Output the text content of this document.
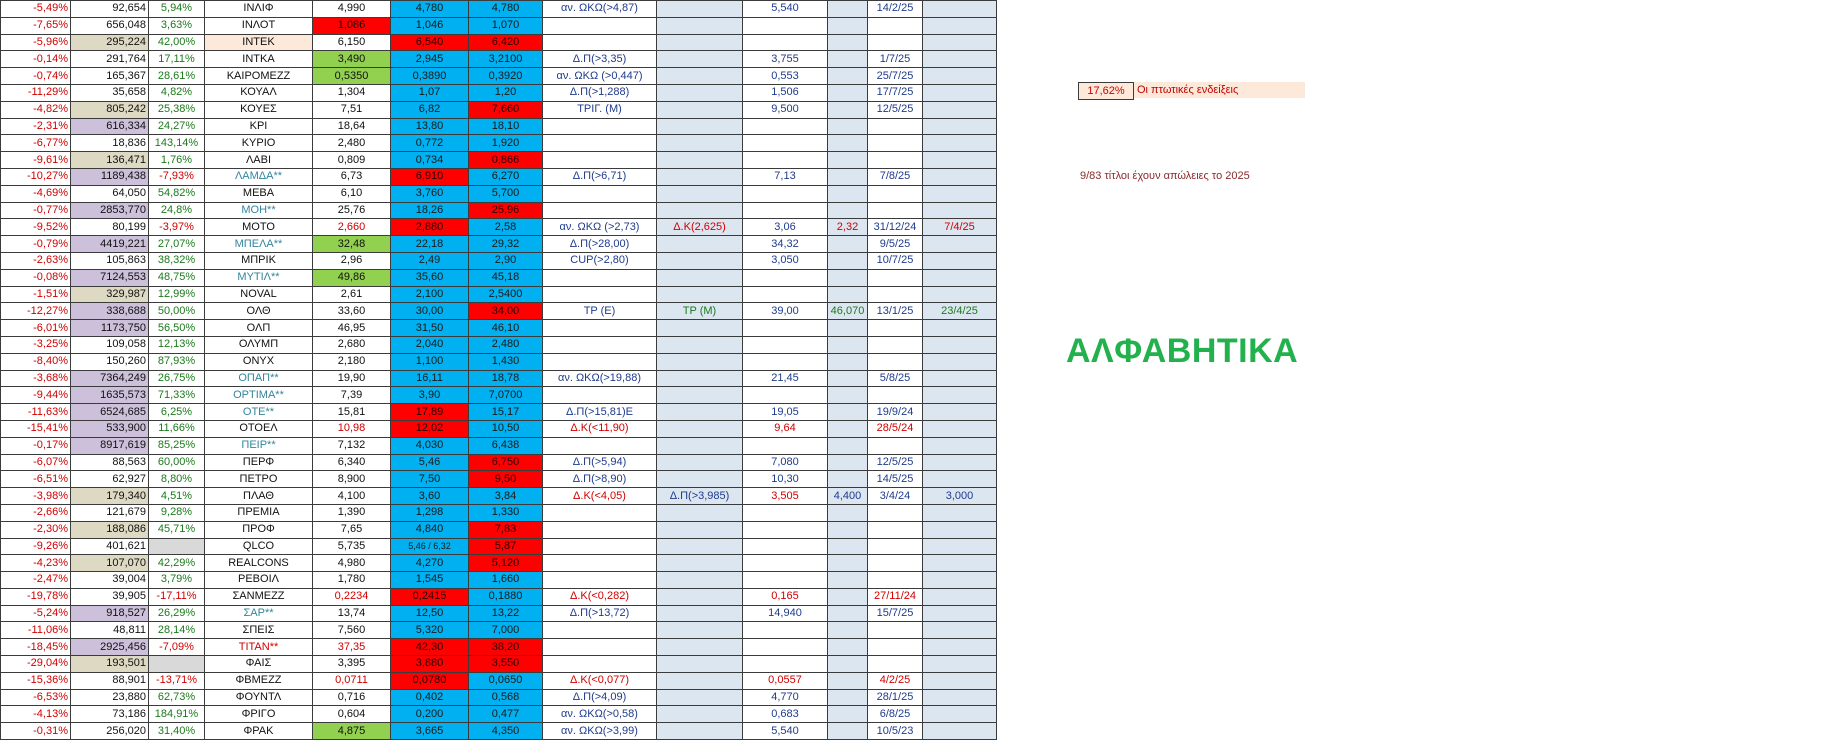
-5,49%	92,654	5,94%	ΙΝΛΙΦ	4,990	4,780	4,780	αν. ΩΚΩ(>4,87)		5,540		14/2/25	
-7,65%	656,048	3,63%	ΙΝΛΟΤ	1,086	1,046	1,070						
-5,96%	295,224	42,00%	ΙΝΤΕΚ	6,150	6,540	6,420						
-0,14%	291,764	17,11%	ΙΝΤΚΑ	3,490	2,945	3,2100	Δ.Π(>3,35)		3,755		1/7/25	
-0,74%	165,367	28,61%	ΚΑΙΡΟΜΕΖΖ	0,5350	0,3890	0,3920	αν. ΩΚΩ (>0,447)		0,553		25/7/25	
-11,29%	35,658	4,82%	ΚΟΥΑΛ	1,304	1,07	1,20	Δ.Π(>1,288)		1,506		17/7/25	
-4,82%	805,242	25,38%	ΚΟΥΕΣ	7,51	6,82	7,660	ΤΡΙΓ. (Μ)		9,500		12/5/25	
-2,31%	616,334	24,27%	ΚΡΙ	18,64	13,80	18,10						
-6,77%	18,836	143,14%	ΚΥΡΙΟ	2,480	0,772	1,920						
-9,61%	136,471	1,76%	ΛΑΒΙ	0,809	0,734	0,866						
-10,27%	1189,438	-7,93%	ΛΑΜΔΑ**	6,73	6,910	6,270	Δ.Π(>6,71)		7,13		7/8/25	
-4,69%	64,050	54,82%	ΜΕΒΑ	6,10	3,760	5,700						
-0,77%	2853,770	24,8%	ΜΟΗ**	25,76	18,26	25,96						
-9,52%	80,199	-3,97%	ΜΟΤΟ	2,660	2,880	2,58	αν. ΩΚΩ (>2,73)	Δ.Κ(2,625)	3,06	2,32	31/12/24	7/4/25
-0,79%	4419,221	27,07%	ΜΠΕΛΑ**	32,48	22,18	29,32	Δ.Π(>28,00)		34,32		9/5/25	
-2,63%	105,863	38,32%	ΜΠΡΙΚ	2,96	2,49	2,90	CUP(>2,80)		3,050		10/7/25	
-0,08%	7124,553	48,75%	ΜΥΤΙΛ**	49,86	35,60	45,18						
-1,51%	329,987	12,99%	NOVAL	2,61	2,100	2,5400						
-12,27%	338,688	50,00%	ΟΛΘ	33,60	30,00	34,00	ΤΡ (Ε)	ΤΡ (Μ)	39,00	46,070	13/1/25	23/4/25
-6,01%	1173,750	56,50%	ΟΛΠ	46,95	31,50	46,10						
-3,25%	109,058	12,13%	ΟΛΥΜΠ	2,680	2,040	2,480						
-8,40%	150,260	87,93%	ΟΝΥΧ	2,180	1,100	1,430						
-3,68%	7364,249	26,75%	ΟΠΑΠ**	19,90	16,11	18,78	αν. ΩΚΩ(>19,88)		21,45		5/8/25	
-9,44%	1635,573	71,33%	ΟΡΤΙΜΑ**	7,39	3,90	7,0700						
-11,63%	6524,685	6,25%	ΟΤΕ**	15,81	17,89	15,17	Δ.Π(>15,81)Ε		19,05		19/9/24	
-15,41%	533,900	11,66%	ΟΤΟΕΛ	10,98	12,02	10,50	Δ.Κ(<11,90)		9,64		28/5/24	
-0,17%	8917,619	85,25%	ΠΕΙΡ**	7,132	4,030	6,438						
-6,07%	88,563	60,00%	ΠΕΡΦ	6,340	5,46	6,750	Δ.Π(>5,94)		7,080		12/5/25	
-6,51%	62,927	8,80%	ΠΕΤΡΟ	8,900	7,50	9,50	Δ.Π(>8,90)		10,30		14/5/25	
-3,98%	179,340	4,51%	ΠΛΑΘ	4,100	3,60	3,84	Δ.Κ(<4,05)	Δ.Π(>3,985)	3,505	4,400	3/4/24	3,000
-2,66%	121,679	9,28%	ΠΡΕΜΙΑ	1,390	1,298	1,330						
-2,30%	188,086	45,71%	ΠΡΟΦ	7,65	4,840	7,83						
-9,26%	401,621		QLCO	5,735	5,46 / 6,32	5,87						
-4,23%	107,070	42,29%	REALCONS	4,980	4,270	5,120						
-2,47%	39,004	3,79%	ΡΕΒΟΙΛ	1,780	1,545	1,660						
-19,78%	39,905	-17,11%	ΣΑΝΜΕΖΖ	0,2234	0,2415	0,1880	Δ.Κ(<0,282)		0,165		27/11/24	
-5,24%	918,527	26,29%	ΣΑΡ**	13,74	12,50	13,22	Δ.Π(>13,72)		14,940		15/7/25	
-11,06%	48,811	28,14%	ΣΠΕΙΣ	7,560	5,320	7,000						
-18,45%	2925,456	-7,09%	ΤΙΤΑΝ**	37,35	42,30	38,20						
-29,04%	193,501		ΦΑΙΣ	3,395	3,880	3,550						
-15,36%	88,901	-13,71%	ΦΒΜΕΖΖ	0,0711	0,0780	0,0650	Δ.Κ(<0,077)		0,0557		4/2/25	
-6,53%	23,880	62,73%	ΦΟΥΝΤΛ	0,716	0,402	0,568	Δ.Π(>4,09)		4,770		28/1/25	
-4,13%	73,186	184,91%	ΦΡΙΓΟ	0,604	0,200	0,477	αν. ΩΚΩ(>0,58)		0,683		6/8/25	
-0,31%	256,020	31,40%	ΦΡΑΚ	4,875	3,665	4,350	αν. ΩΚΩ(>3,99)		5,540		10/5/23	
17,62%	Οι πτωτικές ενδείξεις
9/83 τίτλοι έχουν απώλειες το 2025
ΑΛΦΑΒΗΤΙΚΑ
